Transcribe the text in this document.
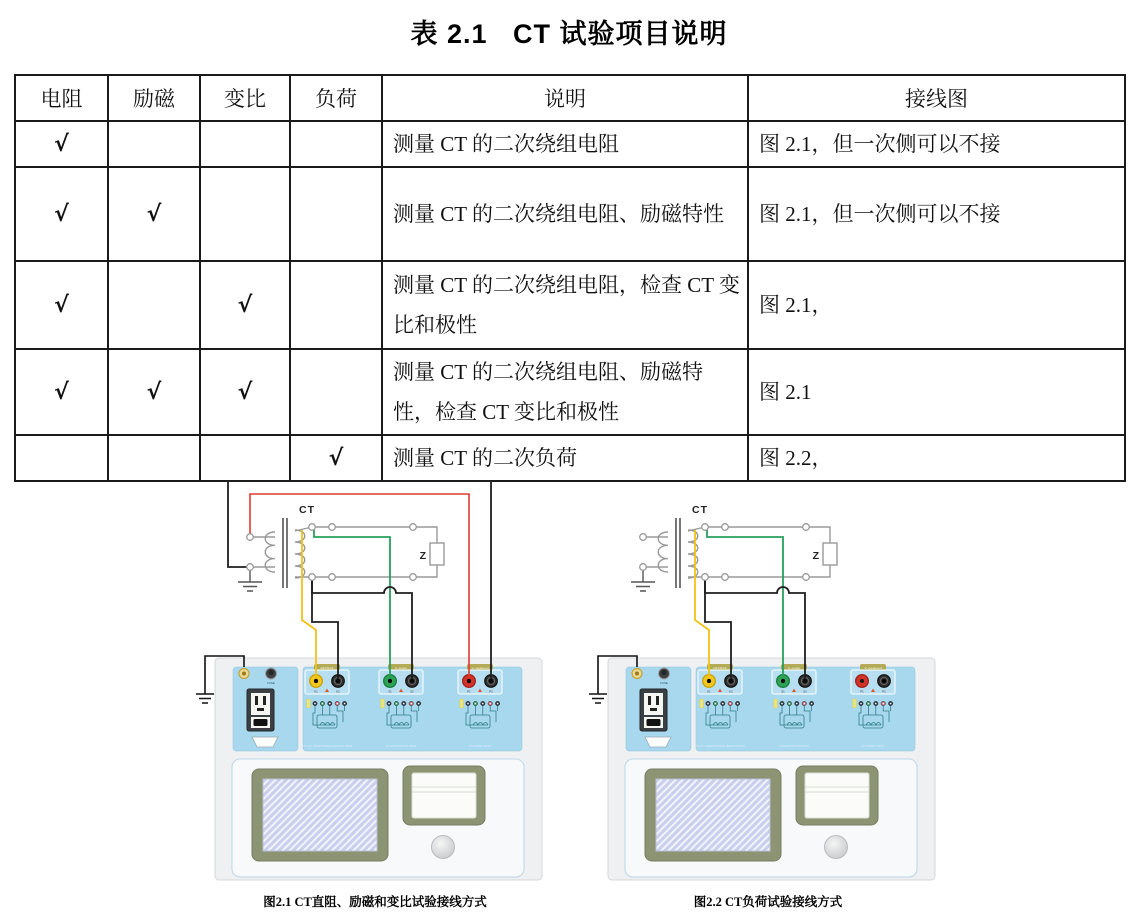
表 2.1   CT 试验项目说明
电阻	励磁	变比	负荷	说明	接线图
√				测量 CT 的二次绕组电阻	图 2.1，但一次侧可以不接
√	√			测量 CT 的二次绕组电阻、励磁特性	图 2.1，但一次侧可以不接
√		√		测量 CT 的二次绕组电阻，检查 CT 变比和极性	图 2.1，
√	√	√		测量 CT 的二次绕组电阻、励磁特性，检查 CT 变比和极性	图 2.1
			√	测量 CT 的二次负荷	图 2.2，
CT
Z
FUSE
RS 232
Ω&T/Rs/F
K1	K2
CT D.C. RESISTANCE (EXCIT) TEST
V- output
S1	S2
CT EXCITATION TEST
V- measured
P1	P2
CT RATIO TEST
图2.1 CT直阻、励磁和变比试验接线方式
CT
Z
FUSE
RS 232
Ω&T/Rs/F
K1	K2
CT D.C. RESISTANCE (EXCIT) TEST
V- output
S1	S2
CT EXCITATION TEST
V- measured
P1	P2
CT RATIO TEST
图2.2 CT负荷试验接线方式
